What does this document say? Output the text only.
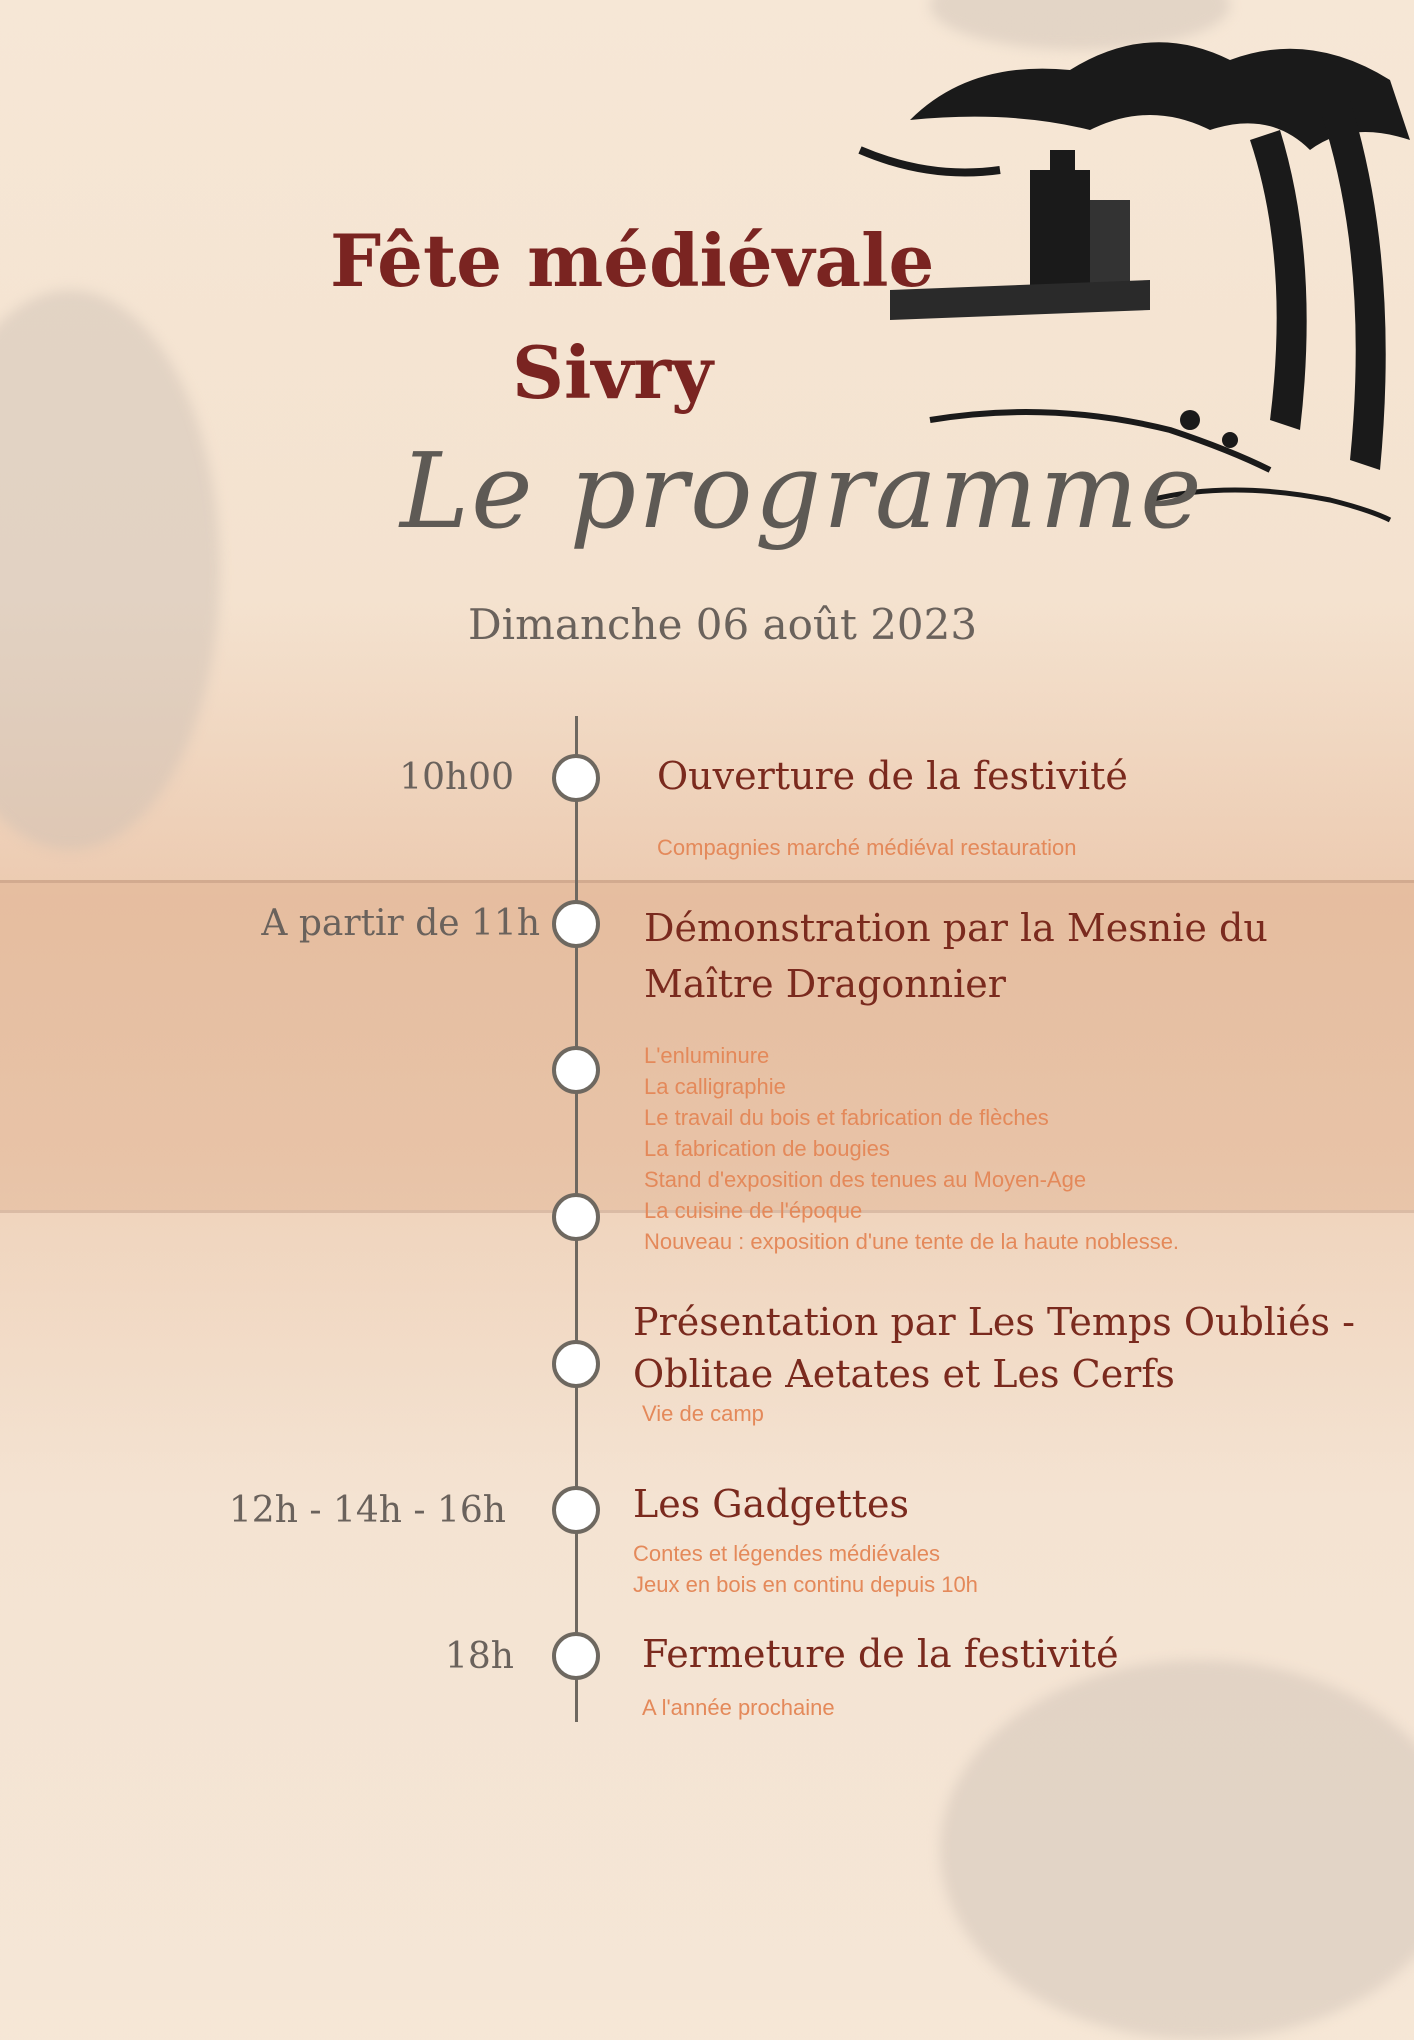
Fête médiévale
Sivry
Le programme
Dimanche 06 août 2023
10h00	Ouverture de la festivité
Compagnies marché médiéval restauration
A partir de 11h	Démonstration par la Mesnie du
Maître Dragonnier
L'enluminure
La calligraphie
Le travail du bois et fabrication de flèches
La fabrication de bougies
Stand d'exposition des tenues au Moyen-Age
La cuisine de l'époque
Nouveau : exposition d'une tente de la haute noblesse.
Présentation par Les Temps Oubliés -
Oblitae Aetates et Les Cerfs
Vie de camp
12h - 14h - 16h	Les Gadgettes
Contes et légendes médiévales
Jeux en bois en continu depuis 10h
18h	Fermeture de la festivité
A l'année prochaine
